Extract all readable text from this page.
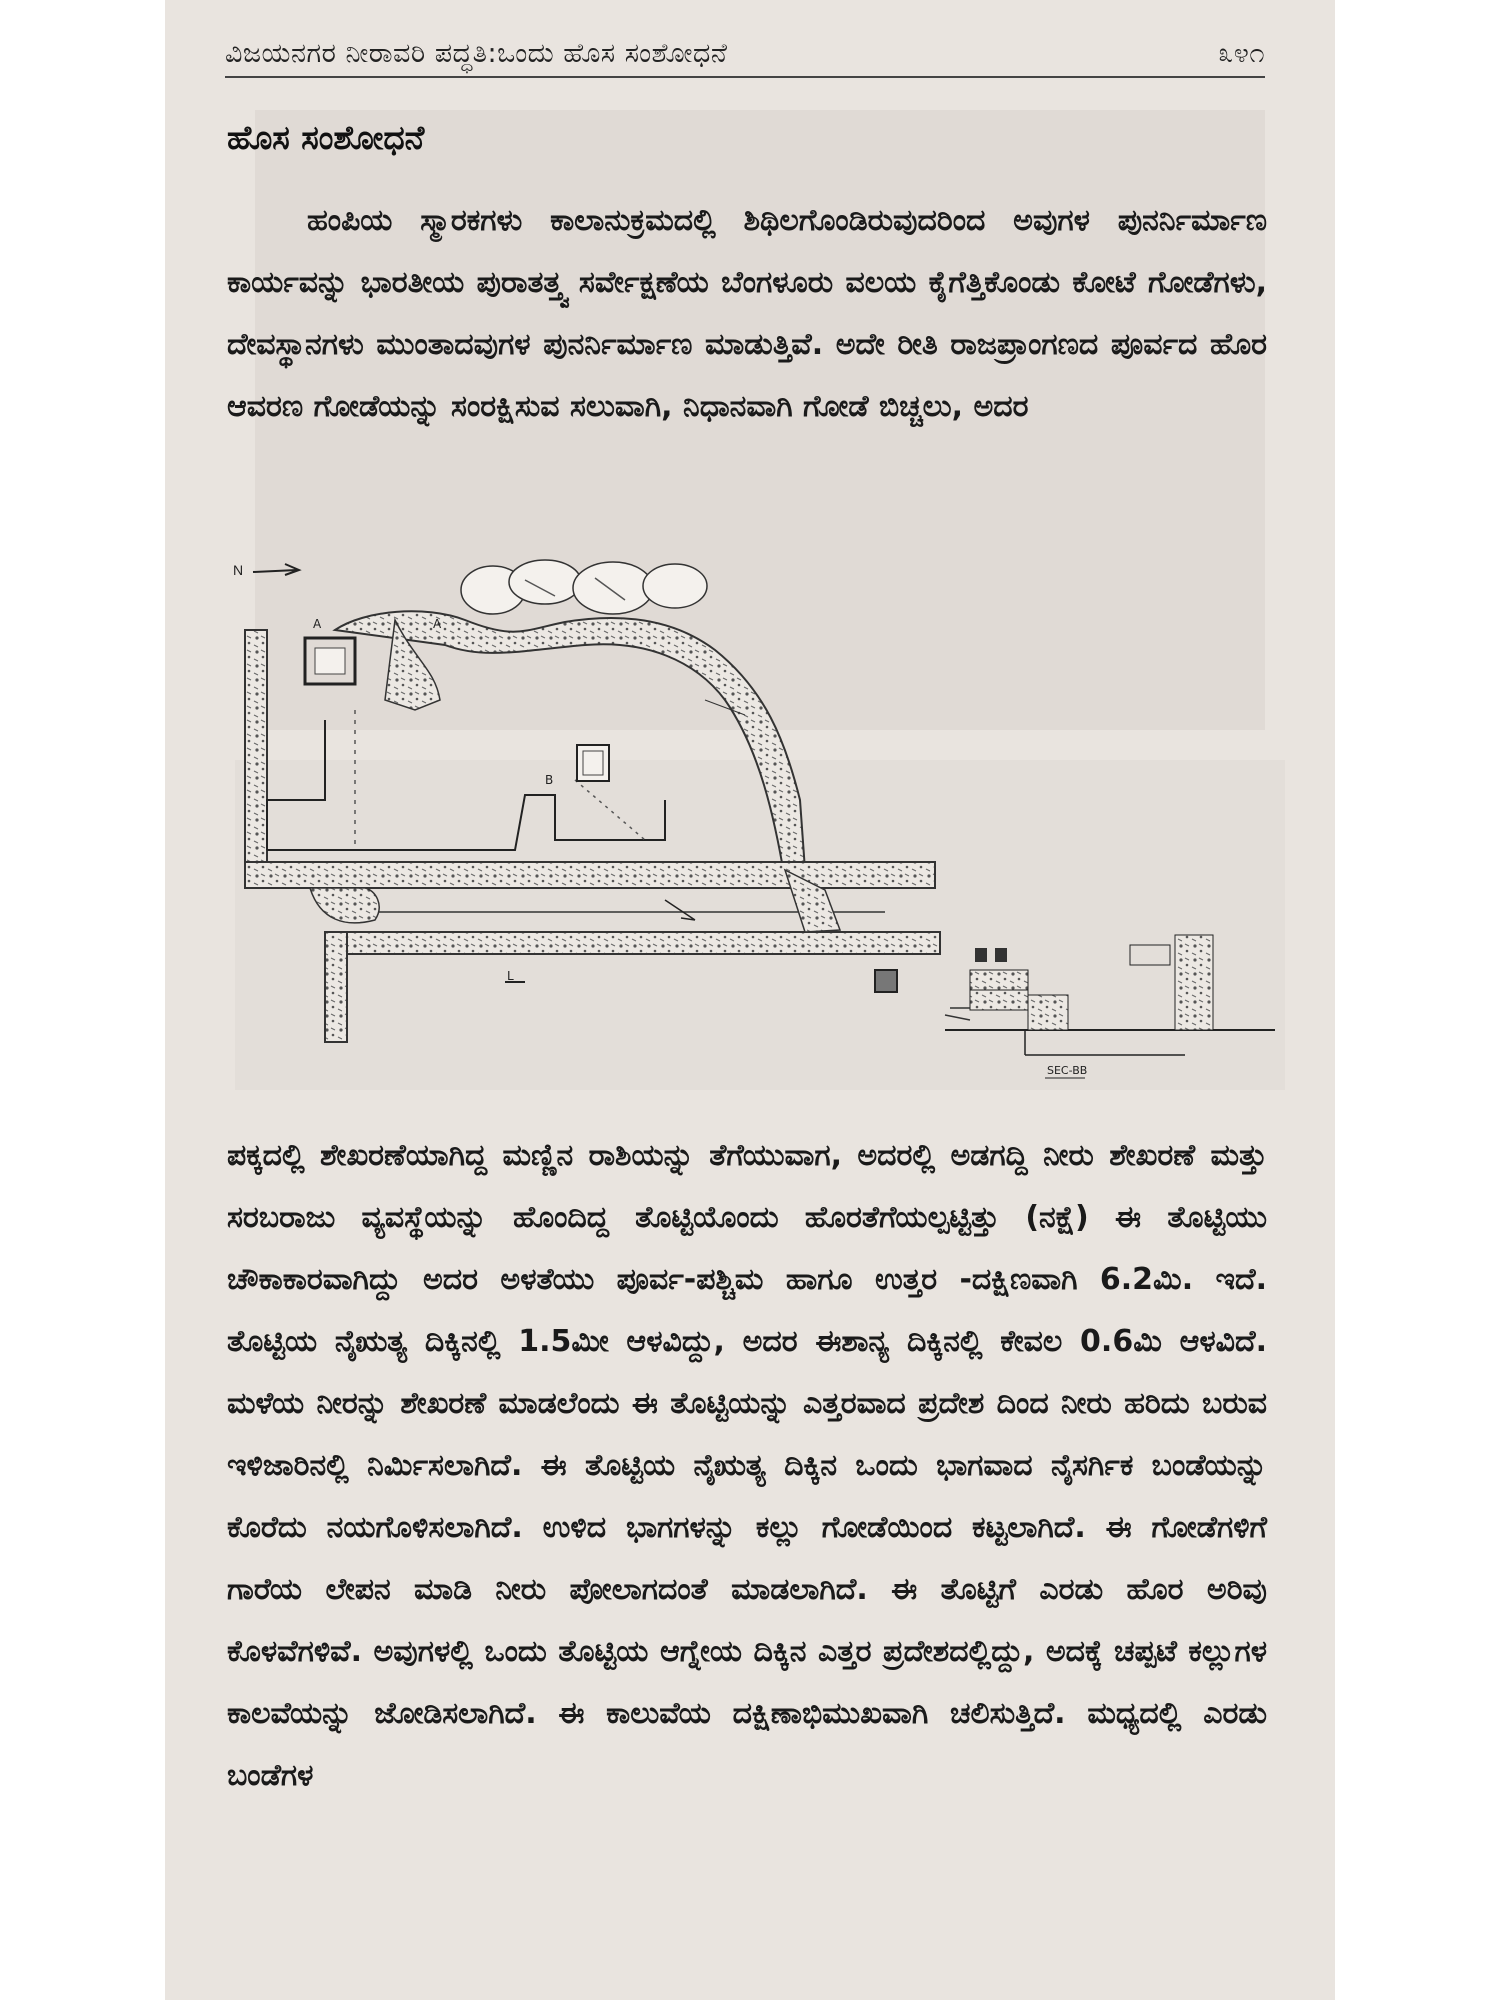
ವಿಜಯನಗರ ನೀರಾವರಿ ಪದ್ಧತಿ:ಒಂದು ಹೊಸ ಸಂಶೋಧನೆ	೩೪೧
ಹೊಸ ಸಂಶೋಧನೆ

ಹಂಪಿಯ ಸ್ಮಾರಕಗಳು ಕಾಲಾನುಕ್ರಮದಲ್ಲಿ ಶಿಥಿಲಗೊಂಡಿರುವುದರಿಂದ ಅವುಗಳ ಪುನರ್ನಿರ್ಮಾಣ ಕಾರ್ಯವನ್ನು ಭಾರತೀಯ ಪುರಾತತ್ತ್ವ ಸರ್ವೇಕ್ಷಣೆಯ ಬೆಂಗಳೂರು ವಲಯ ಕೈಗೆತ್ತಿಕೊಂಡು ಕೋಟೆ ಗೋಡೆಗಳು, ದೇವಸ್ಥಾನಗಳು ಮುಂತಾದವುಗಳ ಪುನರ್ನಿರ್ಮಾಣ ಮಾಡುತ್ತಿವೆ. ಅದೇ ರೀತಿ ರಾಜಪ್ರಾಂಗಣದ ಪೂರ್ವದ ಹೊರ ಆವರಣ ಗೋಡೆಯನ್ನು ಸಂರಕ್ಷಿಸುವ ಸಲುವಾಗಿ, ನಿಧಾನವಾಗಿ ಗೋಡೆ ಬಿಚ್ಚಲು, ಅದರ

N
A	A
B
L
SEC-BB

ಪಕ್ಕದಲ್ಲಿ ಶೇಖರಣೆಯಾಗಿದ್ದ ಮಣ್ಣಿನ ರಾಶಿಯನ್ನು ತೆಗೆಯುವಾಗ, ಅದರಲ್ಲಿ ಅಡಗದ್ದಿ ನೀರು ಶೇಖರಣೆ ಮತ್ತು ಸರಬರಾಜು ವ್ಯವಸ್ಥೆಯನ್ನು ಹೊಂದಿದ್ದ ತೊಟ್ಟಿಯೊಂದು ಹೊರತೆಗೆಯಲ್ಪಟ್ಟಿತ್ತು (ನಕ್ಷೆ) ಈ ತೊಟ್ಟಿಯು ಚೌಕಾಕಾರವಾಗಿದ್ದು ಅದರ ಅಳತೆಯು ಪೂರ್ವ-ಪಶ್ಚಿಮ ಹಾಗೂ ಉತ್ತರ -ದಕ್ಷಿಣವಾಗಿ 6.2ಮಿ. ಇದೆ. ತೊಟ್ಟಿಯ ನೈಋತ್ಯ ದಿಕ್ಕಿನಲ್ಲಿ 1.5ಮೀ ಆಳವಿದ್ದು, ಅದರ ಈಶಾನ್ಯ ದಿಕ್ಕಿನಲ್ಲಿ ಕೇವಲ 0.6ಮಿ ಆಳವಿದೆ. ಮಳೆಯ ನೀರನ್ನು ಶೇಖರಣೆ ಮಾಡಲೆಂದು ಈ ತೊಟ್ಟಿಯನ್ನು ಎತ್ತರವಾದ ಪ್ರದೇಶ ದಿಂದ ನೀರು ಹರಿದು ಬರುವ ಇಳಿಜಾರಿನಲ್ಲಿ ನಿರ್ಮಿಸಲಾಗಿದೆ. ಈ ತೊಟ್ಟಿಯ ನೈಋತ್ಯ ದಿಕ್ಕಿನ ಒಂದು ಭಾಗವಾದ ನೈಸರ್ಗಿಕ ಬಂಡೆಯನ್ನು ಕೊರೆದು ನಯಗೊಳಿಸಲಾಗಿದೆ. ಉಳಿದ ಭಾಗಗಳನ್ನು ಕಲ್ಲು ಗೋಡೆಯಿಂದ ಕಟ್ಟಲಾಗಿದೆ. ಈ ಗೋಡೆಗಳಿಗೆ ಗಾರೆಯ ಲೇಪನ ಮಾಡಿ ನೀರು ಪೋಲಾಗದಂತೆ ಮಾಡಲಾಗಿದೆ. ಈ ತೊಟ್ಟಿಗೆ ಎರಡು ಹೊರ ಅರಿವು ಕೊಳವೆಗಳಿವೆ. ಅವುಗಳಲ್ಲಿ ಒಂದು ತೊಟ್ಟಿಯ ಆಗ್ನೇಯ ದಿಕ್ಕಿನ ಎತ್ತರ ಪ್ರದೇಶದಲ್ಲಿದ್ದು, ಅದಕ್ಕೆ ಚಪ್ಪಟೆ ಕಲ್ಲುಗಳ ಕಾಲವೆಯನ್ನು ಜೋಡಿಸಲಾಗಿದೆ. ಈ ಕಾಲುವೆಯ ದಕ್ಷಿಣಾಭಿಮುಖವಾಗಿ ಚಲಿಸುತ್ತಿದೆ. ಮಧ್ಯದಲ್ಲಿ ಎರಡು ಬಂಡೆಗಳ
